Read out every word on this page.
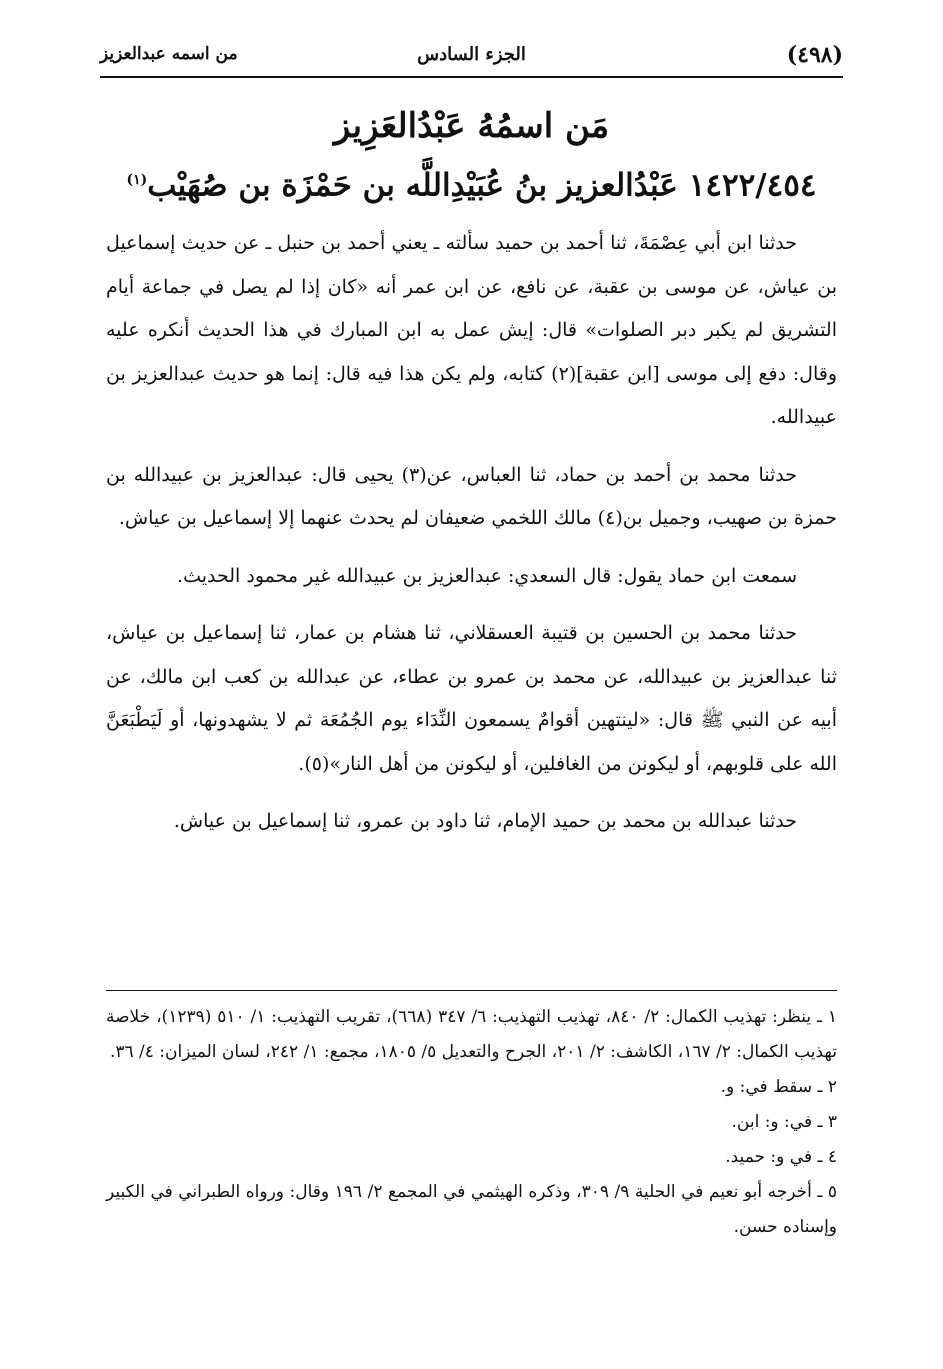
(٤٩٨)
الجزء السادس
من اسمه عبدالعزيز
مَن اسمُهُ عَبْدُالعَزِيز
١٤٢٢/٤٥٤ عَبْدُالعزيز بنُ عُبَيْدِاللَّه بن حَمْزَة بن صُهَيْب$^{(١)}$

حدثنا ابن أبي عِصْمَةَ، ثنا أحمد بن حميد سألته ـ يعني أحمد بن حنبل ـ عن حديث إسماعيل بن عياش، عن موسى بن عقبة، عن نافع، عن ابن عمر أنه «كان إذا لم يصل في جماعة أيام التشريق لم يكبر دبر الصلوات» قال: إيش عمل به ابن المبارك في هذا الحديث أنكره عليه وقال: دفع إلى موسى [ابن عقبة](٢) كتابه، ولم يكن هذا فيه قال: إنما هو حديث عبدالعزيز بن عبيدالله.

حدثنا محمد بن أحمد بن حماد، ثنا العباس، عن(٣) يحيى قال: عبدالعزيز بن عبيدالله بن حمزة بن صهيب، وجميل بن(٤) مالك اللخمي ضعيفان لم يحدث عنهما إلا إسماعيل بن عياش.

سمعت ابن حماد يقول: قال السعدي: عبدالعزيز بن عبيدالله غير محمود الحديث.

حدثنا محمد بن الحسين بن قتيبة العسقلاني، ثنا هشام بن عمار، ثنا إسماعيل بن عياش، ثنا عبدالعزيز بن عبيدالله، عن محمد بن عمرو بن عطاء، عن عبدالله بن كعب ابن مالك، عن أبيه عن النبي ﷺ قال: «لينتهين أقوامٌ يسمعون النِّدَاء يوم الجُمُعَة ثم لا يشهدونها، أو لَيَطْبَعَنَّ الله على قلوبهم، أو ليكونن من الغافلين، أو ليكونن من أهل النار»(٥).

حدثنا عبدالله بن محمد بن حميد الإمام، ثنا داود بن عمرو، ثنا إسماعيل بن عياش.

١ ـ ينظر: تهذيب الكمال: ٢/ ٨٤٠، تهذيب التهذيب: ٦/ ٣٤٧ (٦٦٨)، تقريب التهذيب: ١/ ٥١٠ (١٢٣٩)، خلاصة تهذيب الكمال: ٢/ ١٦٧، الكاشف: ٢/ ٢٠١، الجرح والتعديل ٥/ ١٨٠٥، مجمع: ١/ ٢٤٢، لسان الميزان: ٤/ ٣٦.

٢ ـ سقط في: و.

٣ ـ في: و: ابن.

٤ ـ في و: حميد.

٥ ـ أخرجه أبو نعيم في الحلية ٩/ ٣٠٩، وذكره الهيثمي في المجمع ٢/ ١٩٦ وقال: ورواه الطبراني في الكبير وإسناده حسن.
